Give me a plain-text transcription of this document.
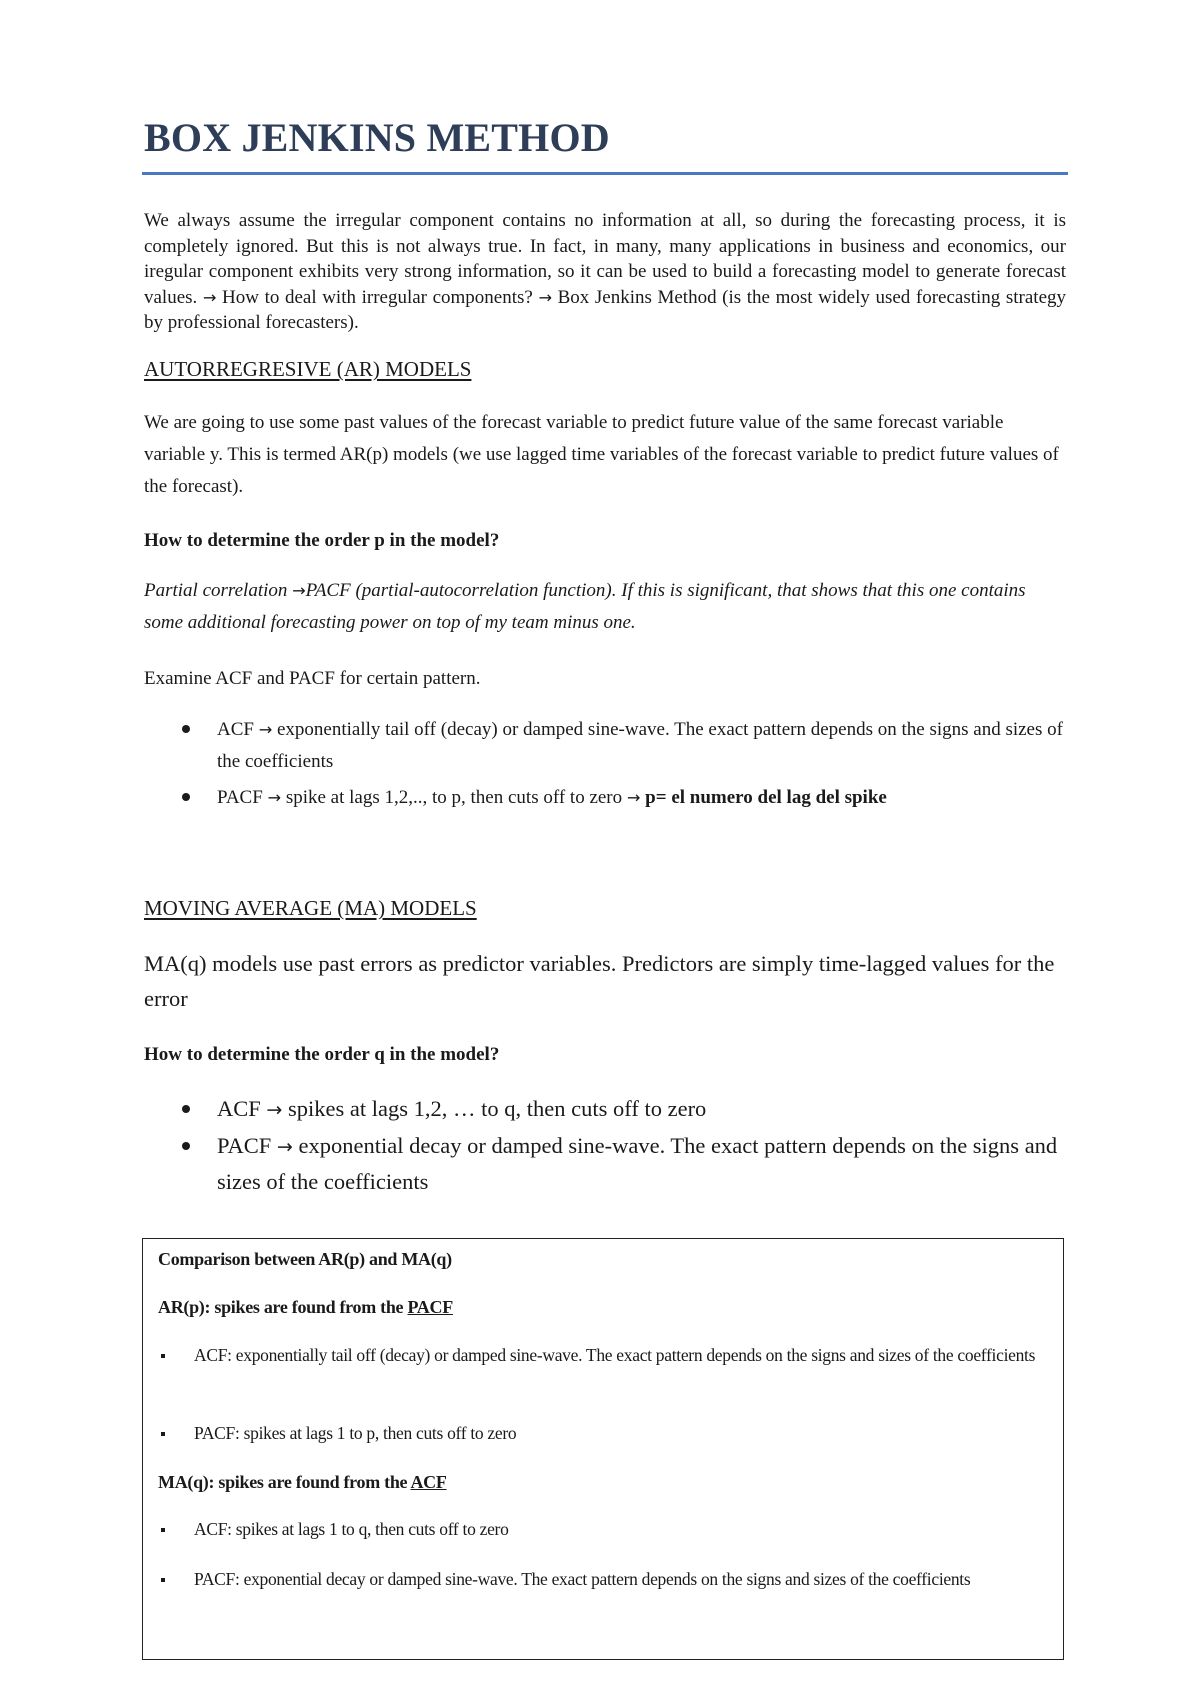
BOX JENKINS METHOD
We always assume the irregular component contains no information at all, so during the forecasting process, it is completely ignored. But this is not always true. In fact, in many, many applications in business and economics, our iregular component exhibits very strong information, so it can be used to build a forecasting model to generate forecast values. → How to deal with irregular components? → Box Jenkins Method (is the most widely used forecasting strategy by professional forecasters).
AUTORREGRESIVE (AR) MODELS
We are going to use some past values of the forecast variable to predict future value of the same forecast variable variable y. This is termed AR(p) models (we use lagged time variables of the forecast variable to predict future values of the forecast).
How to determine the order p in the model?
Partial correlation →PACF (partial-autocorrelation function). If this is significant, that shows that this one contains some additional forecasting power on top of my team minus one.
Examine ACF and PACF for certain pattern.
ACF → exponentially tail off (decay) or damped sine-wave. The exact pattern depends on the signs and sizes of the coefficients
PACF → spike at lags 1,2,.., to p, then cuts off to zero → p= el numero del lag del spike
MOVING AVERAGE (MA) MODELS
MA(q) models use past errors as predictor variables. Predictors are simply time-lagged values for the error
How to determine the order q in the model?
ACF → spikes at lags 1,2, … to q, then cuts off to zero
PACF → exponential decay or damped sine-wave. The exact pattern depends on the signs and sizes of the coefficients
Comparison between AR(p) and MA(q)
AR(p): spikes are found from the PACF
ACF: exponentially tail off (decay) or damped sine-wave. The exact pattern depends on the signs and sizes of the coefficients
PACF: spikes at lags 1 to p, then cuts off to zero
MA(q): spikes are found from the ACF
ACF: spikes at lags 1 to q, then cuts off to zero
PACF: exponential decay or damped sine-wave. The exact pattern depends on the signs and sizes of the coefficients
